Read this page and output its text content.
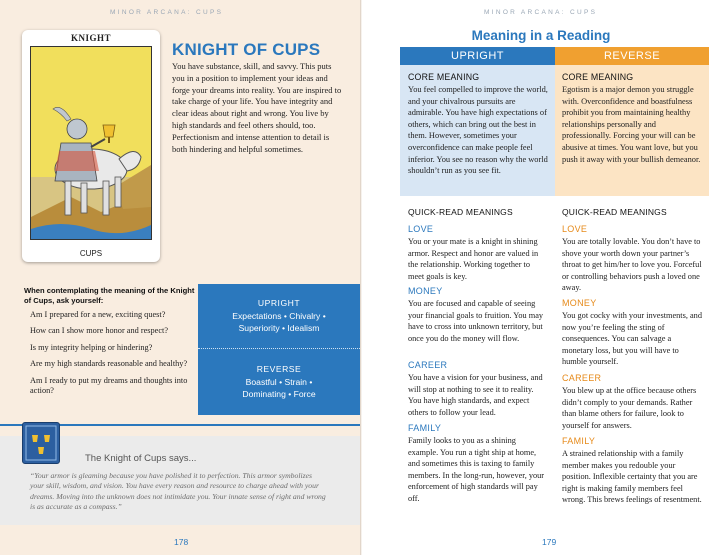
MINOR ARCANA: CUPS
KNIGHT
CUPS
KNIGHT OF CUPS

You have substance, skill, and savvy. This puts you in a position to implement your ideas and forge your dreams into reality. You are inspired to take charge of your life. You have integrity and clear ideas about right and wrong. You live by high standards and feel others should, too. Perfectionism and intense attention to detail is both hindering and helpful sometimes.

When contemplating the meaning of the Knight of Cups, ask yourself:
Am I prepared for a new, exciting quest?
How can I show more honor and respect?
Is my integrity helping or hindering?
Are my high standards reasonable and healthy?
Am I ready to put my dreams and thoughts into action?
UPRIGHT
Expectations • Chivalry • Superiority • Idealism
REVERSE
Boastful • Strain • Dominating • Force
The Knight of Cups says...

“Your armor is gleaming because you have polished it to perfection. This armor symbolizes your skill, wisdom, and vision. You have every reason and resource to charge ahead with your dreams. Moving into the unknown does not intimidate you. Your innate sense of right and wrong is as accurate as a compass.”

178
MINOR ARCANA: CUPS
Meaning in a Reading
UPRIGHT	REVERSE
CORE MEANING

You feel compelled to improve the world, and your chivalrous pursuits are admirable. You have high expectations of others, which can bring out the best in them. However, sometimes your overconfidence can make people feel inferior. You see no reason why the world shouldn’t run as you see fit.

QUICK-READ MEANINGS
LOVE

You or your mate is a knight in shining armor. Respect and honor are valued in the relationship. Working together to meet goals is key.

MONEY

You are focused and capable of seeing your financial goals to fruition. You may have to cross into unknown territory, but once you do the money will flow.

CAREER

You have a vision for your business, and will stop at nothing to see it to reality. You have high standards, and expect others to follow your lead.

FAMILY

Family looks to you as a shining example. You run a tight ship at home, and sometimes this is taxing to family members. In the long-run, however, your enforcement of high standards will pay off.

CORE MEANING

Egotism is a major demon you struggle with. Overconfidence and boastfulness prohibit you from maintaining healthy relationships personally and professionally. Forcing your will can be abusive at times. You want love, but you push it away with your bullish demeanor.

QUICK-READ MEANINGS
LOVE

You are totally lovable. You don’t have to shove your worth down your partner’s throat to get him/her to love you. Forceful or controlling behaviors push a loved one away.

MONEY

You got cocky with your investments, and now you’re feeling the sting of consequences. You can salvage a monetary loss, but you will have to humble yourself.

CAREER

You blew up at the office because others didn’t comply to your demands. Rather than blame others for failure, look to yourself for answers.

FAMILY

A strained relationship with a family member makes you redouble your position. Inflexible certainty that you are right is making family members feel wrong. This brews feelings of resentment.

179
